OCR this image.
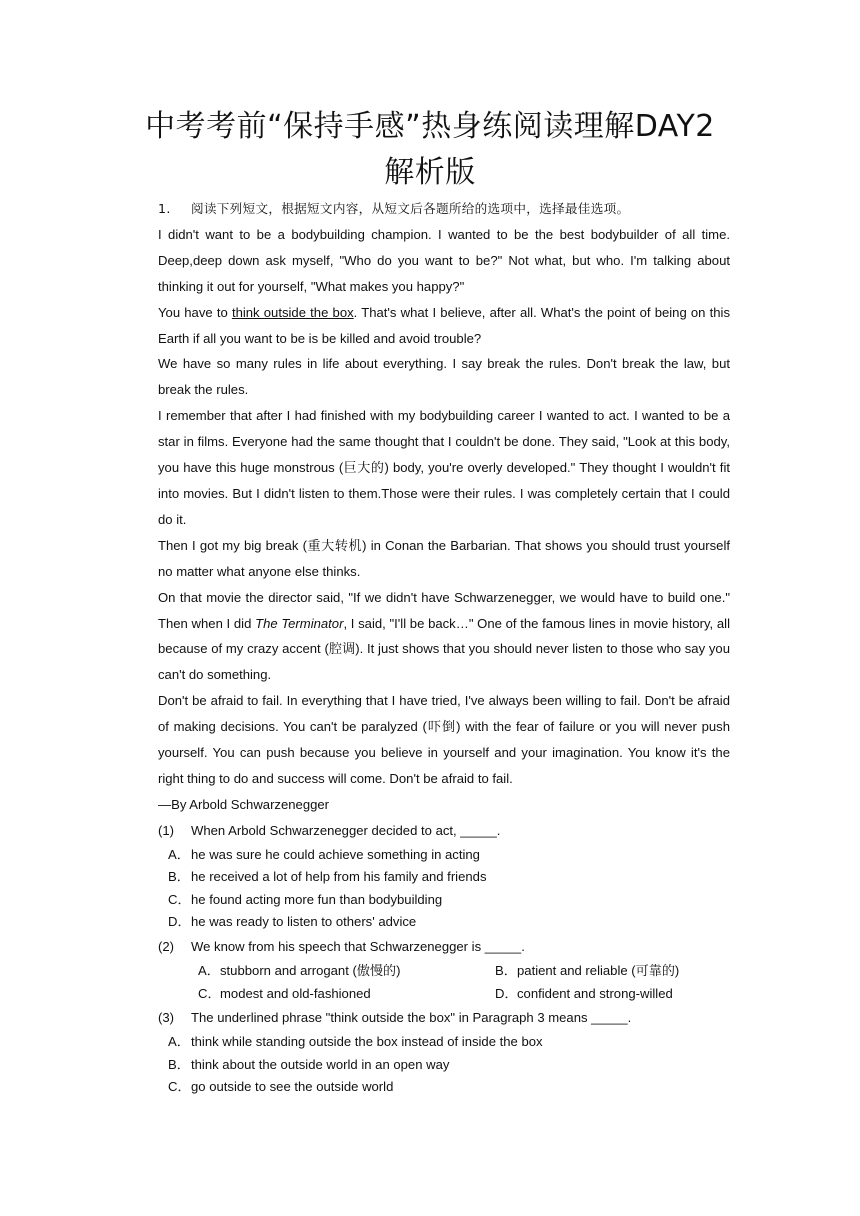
中考考前“保持手感”热身练阅读理解DAY2
解析版

1. 阅读下列短文，根据短文内容，从短文后各题所给的选项中，选择最佳选项。

I didn't want to be a bodybuilding champion. I wanted to be the best bodybuilder of all time. Deep,deep down ask myself, "Who do you want to be?" Not what, but who. I'm talking about thinking it out for yourself, "What makes you happy?"

You have to think outside the box. That's what I believe, after all. What's the point of being on this Earth if all you want to be is be killed and avoid trouble?

We have so many rules in life about everything. I say break the rules. Don't break the law, but break the rules.

I remember that after I had finished with my bodybuilding career I wanted to act. I wanted to be a star in films. Everyone had the same thought that I couldn't be done. They said, "Look at this body, you have this huge monstrous (巨大的) body, you're overly developed." They thought I wouldn't fit into movies. But I didn't listen to them.Those were their rules. I was completely certain that I could do it.

Then I got my big break (重大转机) in Conan the Barbarian. That shows you should trust yourself no matter what anyone else thinks.

On that movie the director said, "If we didn't have Schwarzenegger, we would have to build one." Then when I did The Terminator, I said, "I'll be back…" One of the famous lines in movie history, all because of my crazy accent (腔调). It just shows that you should never listen to those who say you can't do something.

Don't be afraid to fail. In everything that I have tried, I've always been willing to fail. Don't be afraid of making decisions. You can't be paralyzed (吓倒) with the fear of failure or you will never push yourself. You can push because you believe in yourself and your imagination. You know it's the right thing to do and success will come. Don't be afraid to fail.

—By Arbold Schwarzenegger

(1) When Arbold Schwarzenegger decided to act, _____.

A．he was sure he could achieve something in acting
B．he received a lot of help from his family and friends
C．he found acting more fun than bodybuilding
D．he was ready to listen to others' advice

(2) We know from his speech that Schwarzenegger is _____.

A．stubborn and arrogant (傲慢的)	B．patient and reliable (可靠的)
C．modest and old-fashioned	D．confident and strong-willed

(3) The underlined phrase "think outside the box" in Paragraph 3 means _____.

A．think while standing outside the box instead of inside the box
B．think about the outside world in an open way
C．go outside to see the outside world
